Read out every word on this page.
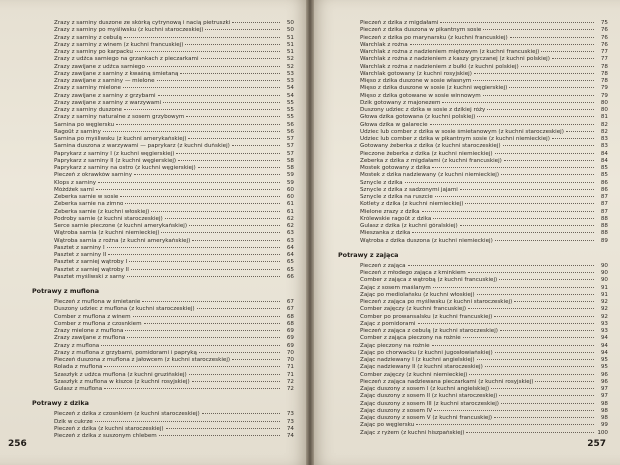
Zrazy z sarniny duszone ze skórką cytrynową i nacią pietruszki	50
Zrazy z sarniny po myśliwsku (z kuchni staroczeskiej)	50
Zrazy z sarniny z cebulą	51
Zrazy z sarniny z winem (z kuchni francuskiej)	51
Zrazy z sarniny po karpacku	51
Zrazy z udźca sarniego na grzankach z pieczarkami	52
Zrazy zawijane z udźca sarniego	52
Zrazy zawijane z sarniny z kwaśną śmietaną	53
Zrazy zawijane z sarniny — mielone	53
Zrazy z sarniny mielone	54
Zrazy zawijane z sarniny z grzybami	54
Zrazy zawijane z sarniny z warzywami	55
Zrazy z sarniny duszone	55
Zrazy z sarniny naturalne z sosem grzybowym	55
Sarnina po węgiersku	56
Ragoût z sarniny	56
Sarnina po myśliwsku (z kuchni amerykańskiej)	57
Sarnina duszona z warzywami — paprykarz (z kuchni duńskiej)	57
Paprykarz z sarniny I (z kuchni węgierskiej)	57
Paprykarz z sarniny II (z kuchni węgierskiej)	58
Paprykarz z sarniny na ostro (z kuchni węgierskiej)	58
Pieczeń z okrawków sarniny	59
Klops z sarniny	59
Móżdżek sarni	60
Żeberka sarnie w sosie	60
Żeberka sarnie na zimno	61
Żeberka sarnie (z kuchni włoskiej)	61
Podroby sarnie (z kuchni staroczeskiej)	62
Serce sarnie pieczone (z kuchni amerykańskiej)	62
Wątroba sarnia (z kuchni niemieckiej)	63
Wątroba sarnia z rożna (z kuchni amerykańskiej)	63
Pasztet z sarniny I	64
Pasztet z sarniny II	64
Pasztet z sarniej wątroby I	65
Pasztet z sarniej wątroby II	65
Pasztet myśliwski z sarny	66
Potrawy z muflona
Pieczeń z muflona w śmietanie	67
Duszony udziec z muflona (z kuchni staroczeskiej)	67
Comber z muflona z winem	68
Comber z muflona z czosnkiem	68
Zrazy mielone z muflona	69
Zrazy zawijane z muflona	69
Zrazy z muflona	69
Zrazy z muflona z grzybami, pomidorami i papryką	70
Pieczeń duszona z muflona z jałowcem (z kuchni staroczeskiej)	70
Rolada z muflona	71
Szaszłyk z udźca muflona (z kuchni gruzińskiej)	71
Szaszłyk z muflona w kiszce (z kuchni rosyjskiej)	72
Gulasz z muflona	72
Potrawy z dzika
Pieczeń z dzika z czosnkiem (z kuchni staroczeskiej)	73
Dzik w cukrze	73
Pieczeń z dzika (z kuchni staroczeskiej)	74
Pieczeń z dzika z suszonym chlebem	74
256
Pieczeń z dzika z migdałami	75
Pieczeń z dzika duszona w pikantnym sosie	76
Pieczeń z dzika po marynarsku (z kuchni francuskiej)	76
Warchlak z rożna	76
Warchlak z rożna z nadzieniem miętowym (z kuchni francuskiej)	77
Warchlak z rożna z nadzieniem z kaszy gryczanej (z kuchni polskiej)	77
Warchlak z rożna z nadzieniem z bułki (z kuchni polskiej)	78
Warchlak gotowany (z kuchni rosyjskiej)	78
Mięso z dzika duszone w sosie własnym	78
Mięso z dzika duszone w sosie (z kuchni węgierskiej)	79
Mięso z dzika gotowane w sosie winnowym	79
Dzik gotowany z majonezem	80
Duszony udziec z dzika w sosie z dzikiej róży	80
Głowa dzika gotowana (z kuchni polskiej)	81
Głowa dzika w galarecie	82
Udziec lub comber z dzika w sosie śmietanowym (z kuchni staroczeskiej)	82
Udziec lub comber z dzika w pikantnym sosie (z kuchni niemieckiej)	83
Gotowany żeberka z dzika (z kuchni staroczeskiej)	83
Pieczone żeberka z dzika (z kuchni niemieckiej)	84
Żeberka z dzika z migdałami (z kuchni francuskiej)	84
Mostek gotowany z dzika	85
Mostek z dzika nadziewany (z kuchni niemieckiej)	85
Sznycle z dzika	86
Sznycle z dzika z sadzonymi jajami	86
Sznycle z dzika na ruszcie	87
Kotlety z dzika (z kuchni niemieckiej)	87
Mielone zrazy z dzika	87
Królewskie ragoût z dzika	88
Gulasz z dzika (z kuchni góralskiej)	88
Mieszanka z dzika	88
Wątroba z dzika duszona (z kuchni niemieckiej)	89
Potrawy z zająca
Pieczeń z zająca	90
Pieczeń z młodego zająca z kminkiem	90
Comber z zająca z wątrobą (z kuchni francuskiej)	90
Zając z sosem maślanym	91
Zając po mediolańsku (z kuchni włoskiej)	91
Pieczeń z zająca po myśliwsku (z kuchni staroczeskiej)	92
Comber zajęczy (z kuchni francuskiej)	92
Comber po prowansalsku (z kuchni francuskiej)	92
Zając z pomidorami	93
Pieczeń z zająca z cebulą (z kuchni staroczeskiej)	93
Comber z zająca pieczony na rożnie	94
Zając pieczony na rożnie	94
Zając po chorwacku (z kuchni jugosłowiańskiej)	94
Zając nadziewany I (z kuchni angielskiej)	95
Zając nadziewany II (z kuchni staroczeskiej)	95
Comber zajęczy (z kuchni niemieckiej)	96
Pieczeń z zająca nadziewana pieczarkami (z kuchni rosyjskiej)	96
Zając duszony z sosem I (z kuchni angielskiej)	97
Zając duszony z sosem II (z kuchni staroczeskiej)	97
Zając duszony z sosem III (z kuchni staroczeskiej)	98
Zając duszony z sosem IV	98
Zając duszony z sosem V (z kuchni francuskiej)	98
Zając po węgiersku	99
Zając z ryżem (z kuchni hiszpańskiej)	100
257
